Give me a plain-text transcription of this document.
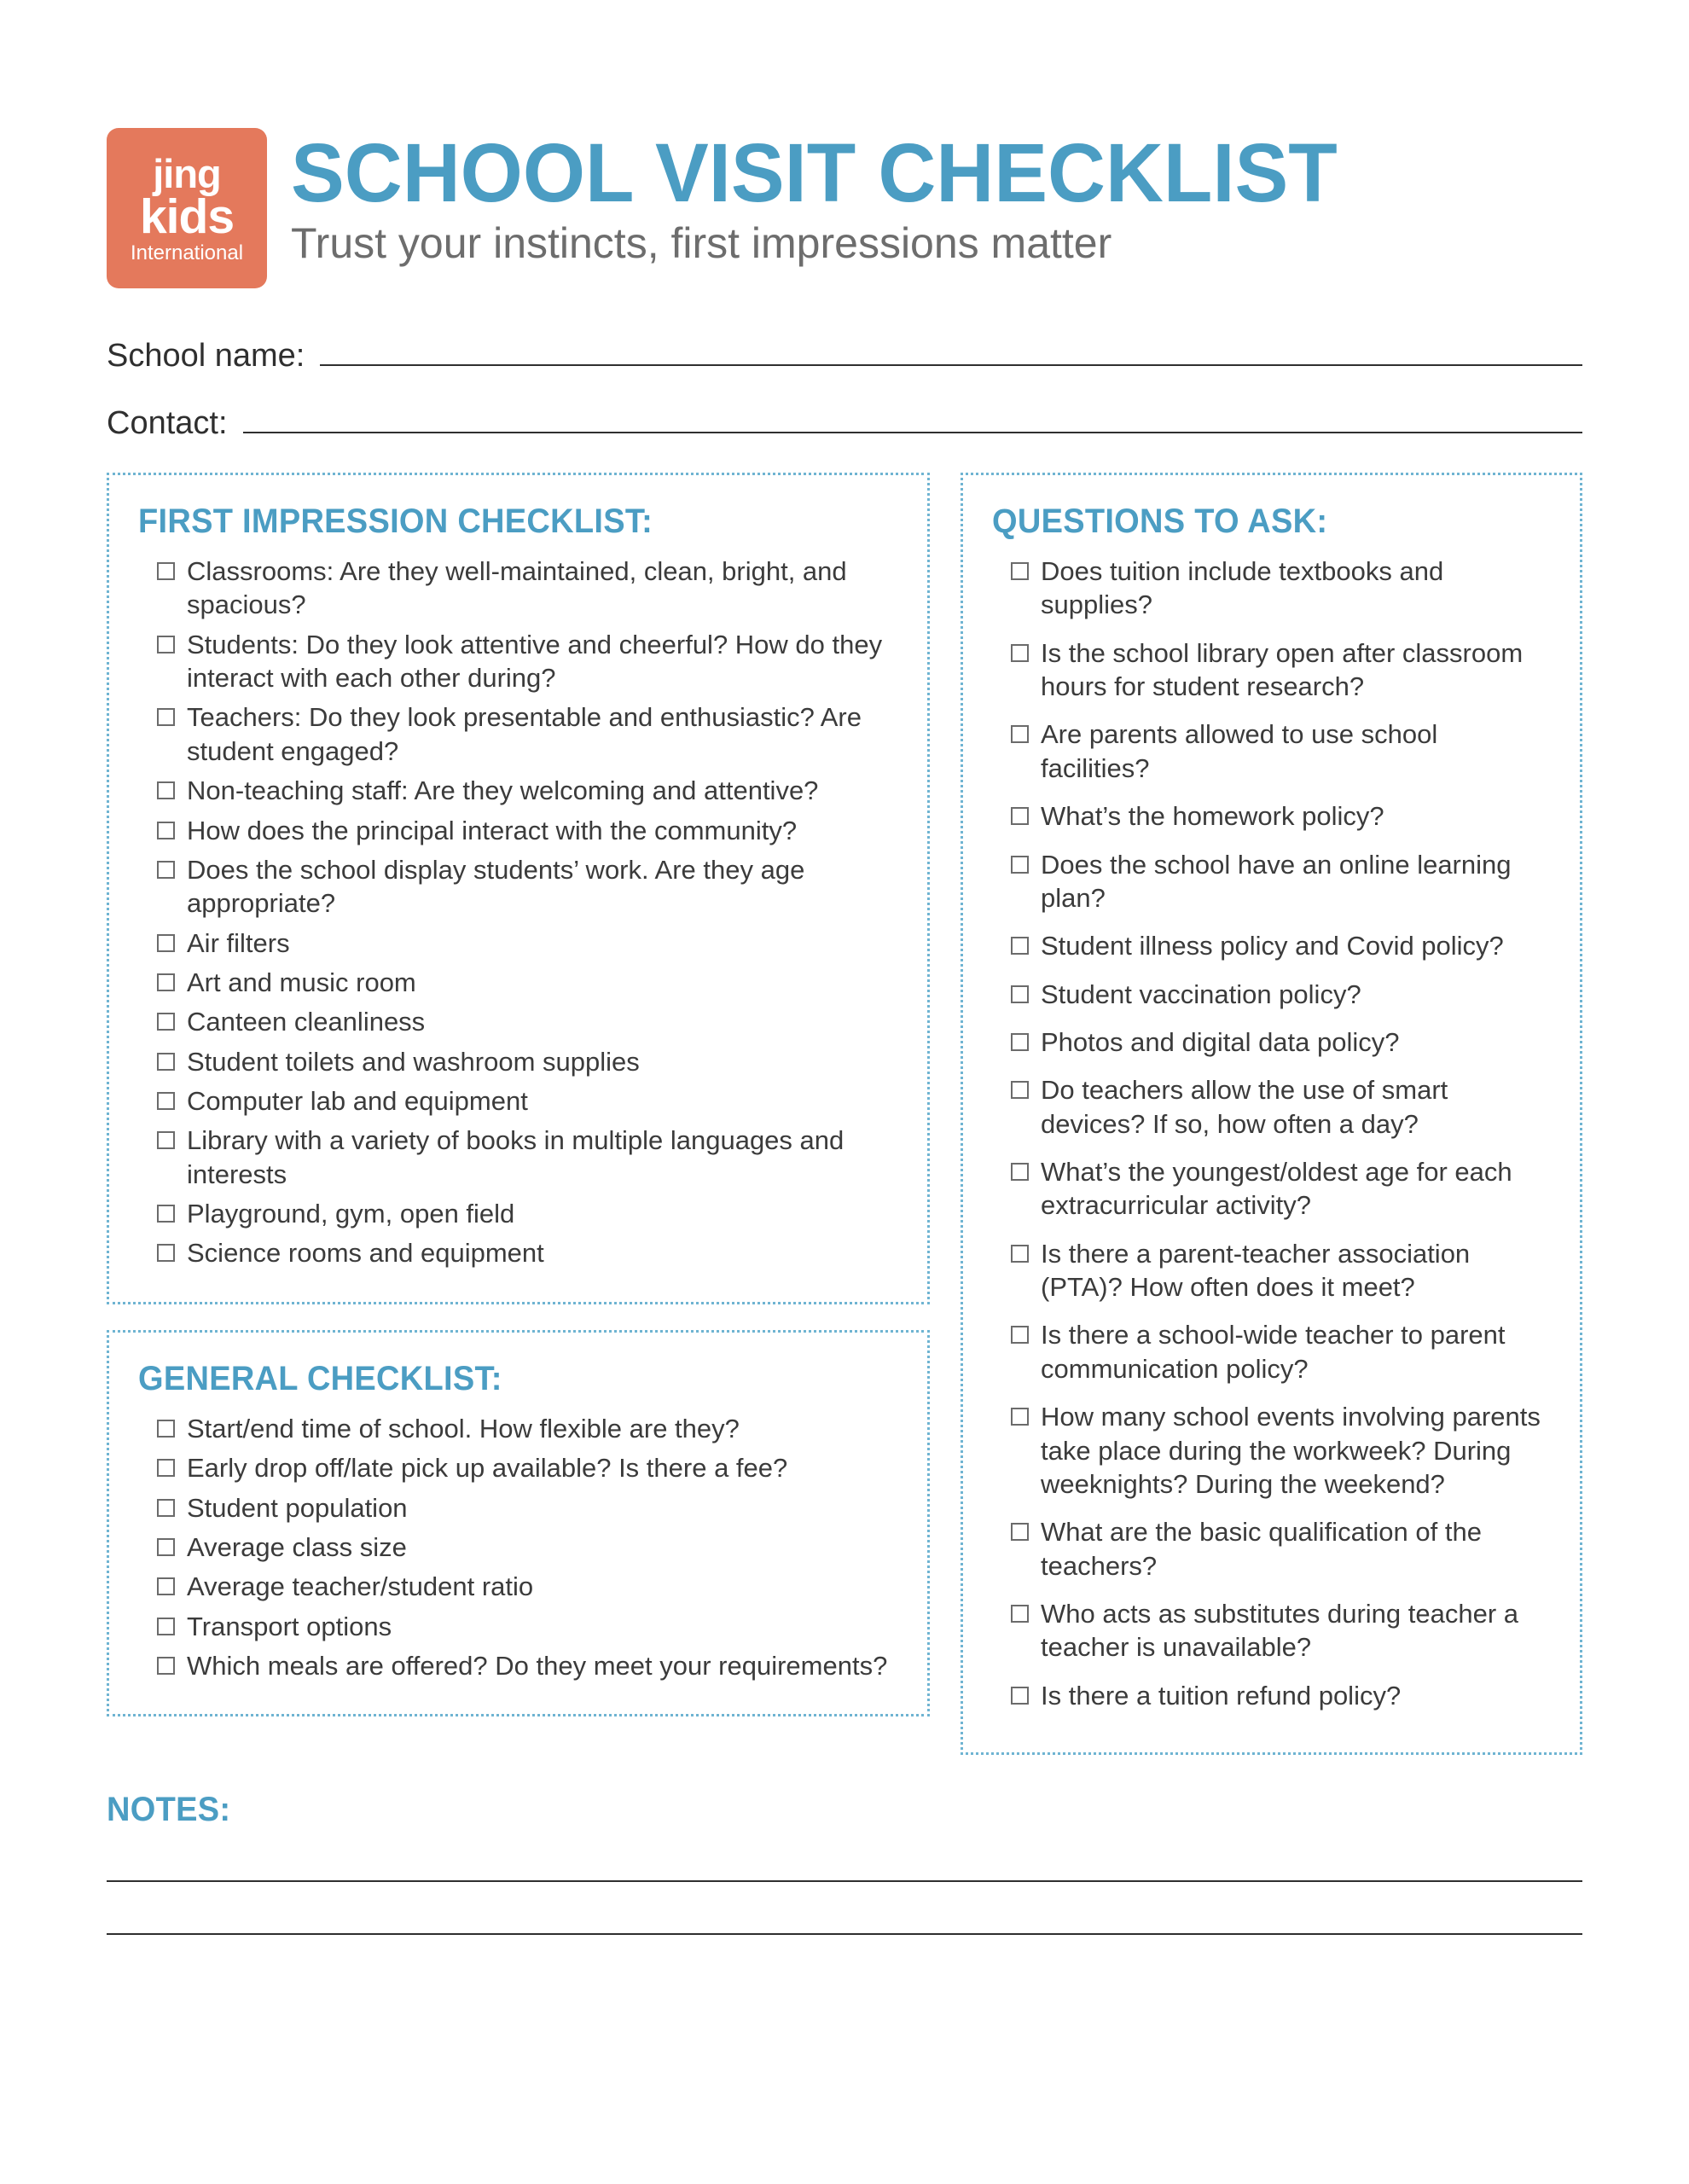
jing
kids
International
SCHOOL VISIT CHECKLIST
Trust your instincts, first impressions matter
School name:
Contact:
FIRST IMPRESSION CHECKLIST:
Classrooms: Are they well-maintained, clean, bright, and spacious?
Students: Do they look attentive and cheerful? How do they interact with each other during?
Teachers: Do they look presentable and enthusiastic? Are student engaged?
Non-teaching staff: Are they welcoming and attentive?
How does the principal interact with the community?
Does the school display students’ work. Are they age appropriate?
Air filters
Art and music room
Canteen cleanliness
Student toilets and washroom supplies
Computer lab and equipment
Library with a variety of books in multiple languages and interests
Playground, gym, open field
Science rooms and equipment
GENERAL CHECKLIST:
Start/end time of school. How flexible are they?
Early drop off/late pick up available? Is there a fee?
Student population
Average class size
Average teacher/student ratio
Transport options
Which meals are offered? Do they meet your requirements?
QUESTIONS TO ASK:
Does tuition include textbooks and supplies?
Is the school library open after classroom hours for student research?
Are parents allowed to use school facilities?
What’s the homework policy?
Does the school have an online learning plan?
Student illness policy and Covid policy?
Student vaccination policy?
Photos and digital data policy?
Do teachers allow the use of smart devices? If so, how often a day?
What’s the youngest/oldest age for each extracurricular activity?
Is there a parent-teacher association (PTA)? How often does it meet?
Is there a school-wide teacher to parent communication policy?
How many school events involving parents take place during the workweek? During weeknights? During the weekend?
What are the basic qualification of the teachers?
Who acts as substitutes during teacher a teacher is unavailable?
Is there a tuition refund policy?
NOTES:
